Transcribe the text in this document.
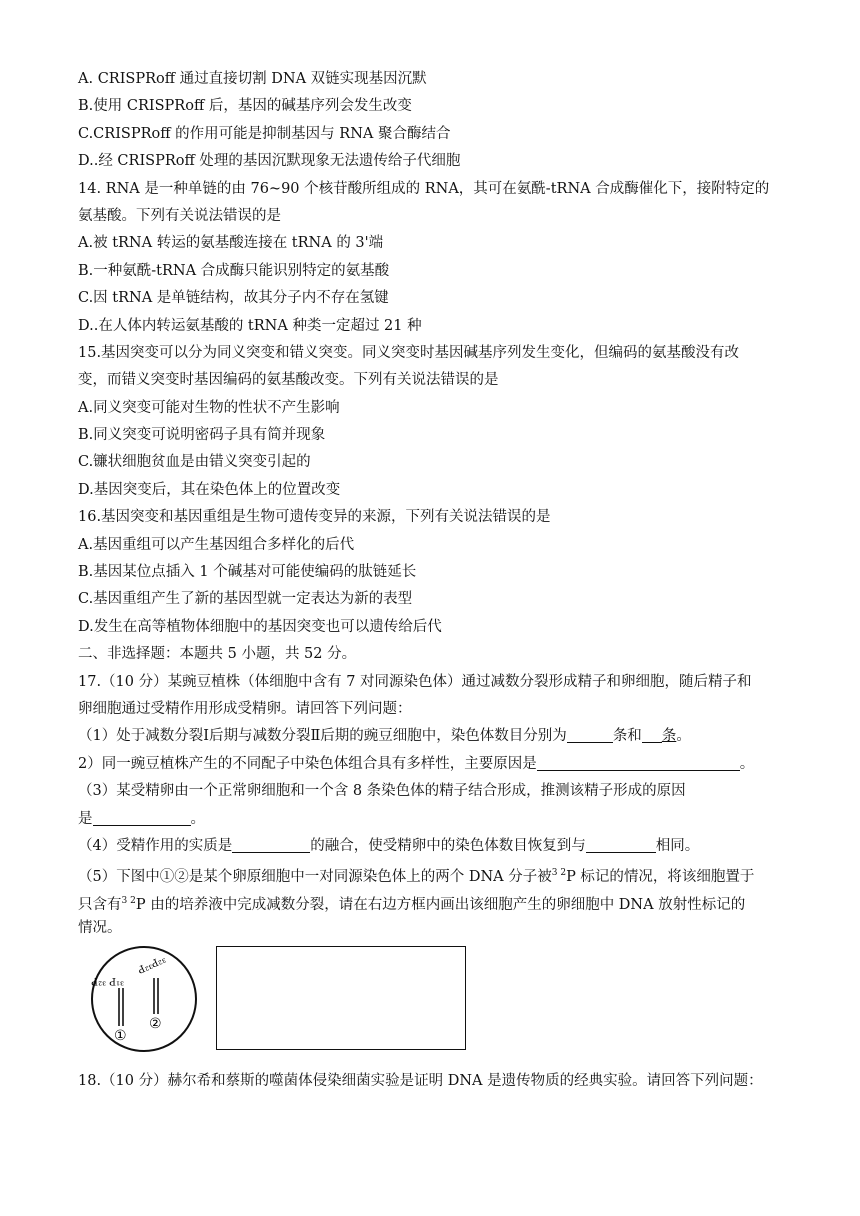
A. CRISPRoff 通过直接切割 DNA 双链实现基因沉默
B.使用 CRISPRoff 后，基因的碱基序列会发生改变
C.CRISPRoff 的作用可能是抑制基因与 RNA 聚合酶结合
D..经 CRISPRoff 处理的基因沉默现象无法遗传给子代细胞
14. RNA 是一种单链的由 76~90 个核苷酸所组成的 RNA，其可在氨酰-tRNA 合成酶催化下，接附特定的
氨基酸。下列有关说法错误的是
A.被 tRNA 转运的氨基酸连接在 tRNA 的 3'端
B.一种氨酰-tRNA 合成酶只能识别特定的氨基酸
C.因 tRNA 是单链结构，故其分子内不存在氢键
D..在人体内转运氨基酸的 tRNA 种类一定超过 21 种
15.基因突变可以分为同义突变和错义突变。同义突变时基因碱基序列发生变化，但编码的氨基酸没有改
变，而错义突变时基因编码的氨基酸改变。下列有关说法错误的是
A.同义突变可能对生物的性状不产生影响
B.同义突变可说明密码子具有简并现象
C.镰状细胞贫血是由错义突变引起的
D.基因突变后，其在染色体上的位置改变
16.基因突变和基因重组是生物可遗传变异的来源，下列有关说法错误的是
A.基因重组可以产生基因组合多样化的后代
B.基因某位点插入 1 个碱基对可能使编码的肽链延长
C.基因重组产生了新的基因型就一定表达为新的表型
D.发生在高等植物体细胞中的基因突变也可以遗传给后代
二、非选择题：本题共 5 小题，共 52 分。
17.（10 分）某豌豆植株（体细胞中含有 7 对同源染色体）通过减数分裂形成精子和卵细胞，随后精子和
卵细胞通过受精作用形成受精卵。请回答下列问题：
（1）处于减数分裂Ⅰ后期与减数分裂Ⅱ后期的豌豆细胞中，染色体数目分别为	条和 条。
2）同一豌豆植株产生的不同配子中染色体组合具有多样性，主要原因是	。
（3）某受精卵由一个正常卵细胞和一个含 8 条染色体的精子结合形成，推测该精子形成的原因
是	。
（4）受精作用的实质是	的融合，使受精卵中的染色体数目恢复到与	相同。
（5）下图中①②是某个卵原细胞中一对同源染色体上的两个 DNA 分子被$^{3 2}$P 标记的情况，将该细胞置于
只含有$^{3 2}$P 由的培养液中完成减数分裂，请在右边方框内画出该细胞产生的卵细胞中 DNA 放射性标记的
情况。
³¹P ³²P
³²P³²P
①
②
18.（10 分）赫尔希和蔡斯的噬菌体侵染细菌实验是证明 DNA 是遗传物质的经典实验。请回答下列问题：
